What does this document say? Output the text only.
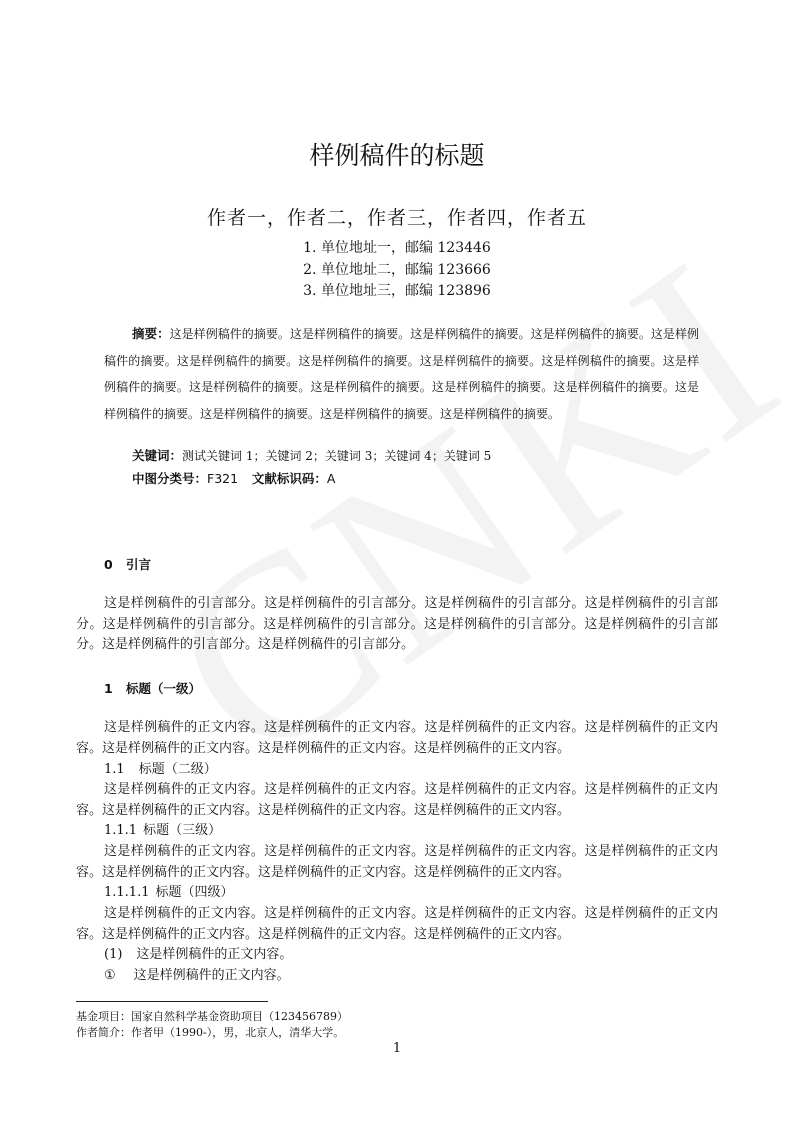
样例稿件的标题
作者一，作者二，作者三，作者四，作者五
1. 单位地址一，邮编 123446
2. 单位地址二，邮编 123666
3. 单位地址三，邮编 123896
摘要：这是样例稿件的摘要。这是样例稿件的摘要。这是样例稿件的摘要。这是样例稿件的摘要。这是样例稿件的摘要。这是样例稿件的摘要。这是样例稿件的摘要。这是样例稿件的摘要。这是样例稿件的摘要。这是样例稿件的摘要。这是样例稿件的摘要。这是样例稿件的摘要。这是样例稿件的摘要。这是样例稿件的摘要。这是样例稿件的摘要。这是样例稿件的摘要。这是样例稿件的摘要。这是样例稿件的摘要。
关键词：测试关键词 1；关键词 2；关键词 3；关键词 4；关键词 5
中图分类号：F321 文献标识码：A
0 引言
这是样例稿件的引言部分。这是样例稿件的引言部分。这是样例稿件的引言部分。这是样例稿件的引言部分。这是样例稿件的引言部分。这是样例稿件的引言部分。这是样例稿件的引言部分。这是样例稿件的引言部分。这是样例稿件的引言部分。这是样例稿件的引言部分。
1 标题（一级）
这是样例稿件的正文内容。这是样例稿件的正文内容。这是样例稿件的正文内容。这是样例稿件的正文内容。这是样例稿件的正文内容。这是样例稿件的正文内容。这是样例稿件的正文内容。
1.1 标题（二级）
这是样例稿件的正文内容。这是样例稿件的正文内容。这是样例稿件的正文内容。这是样例稿件的正文内容。这是样例稿件的正文内容。这是样例稿件的正文内容。这是样例稿件的正文内容。
1.1.1 标题（三级）
这是样例稿件的正文内容。这是样例稿件的正文内容。这是样例稿件的正文内容。这是样例稿件的正文内容。这是样例稿件的正文内容。这是样例稿件的正文内容。这是样例稿件的正文内容。
1.1.1.1 标题（四级）
这是样例稿件的正文内容。这是样例稿件的正文内容。这是样例稿件的正文内容。这是样例稿件的正文内容。这是样例稿件的正文内容。这是样例稿件的正文内容。这是样例稿件的正文内容。
(1) 这是样例稿件的正文内容。
① 这是样例稿件的正文内容。
基金项目：国家自然科学基金资助项目（123456789）
作者简介：作者甲（1990-），男，北京人，清华大学。
1
